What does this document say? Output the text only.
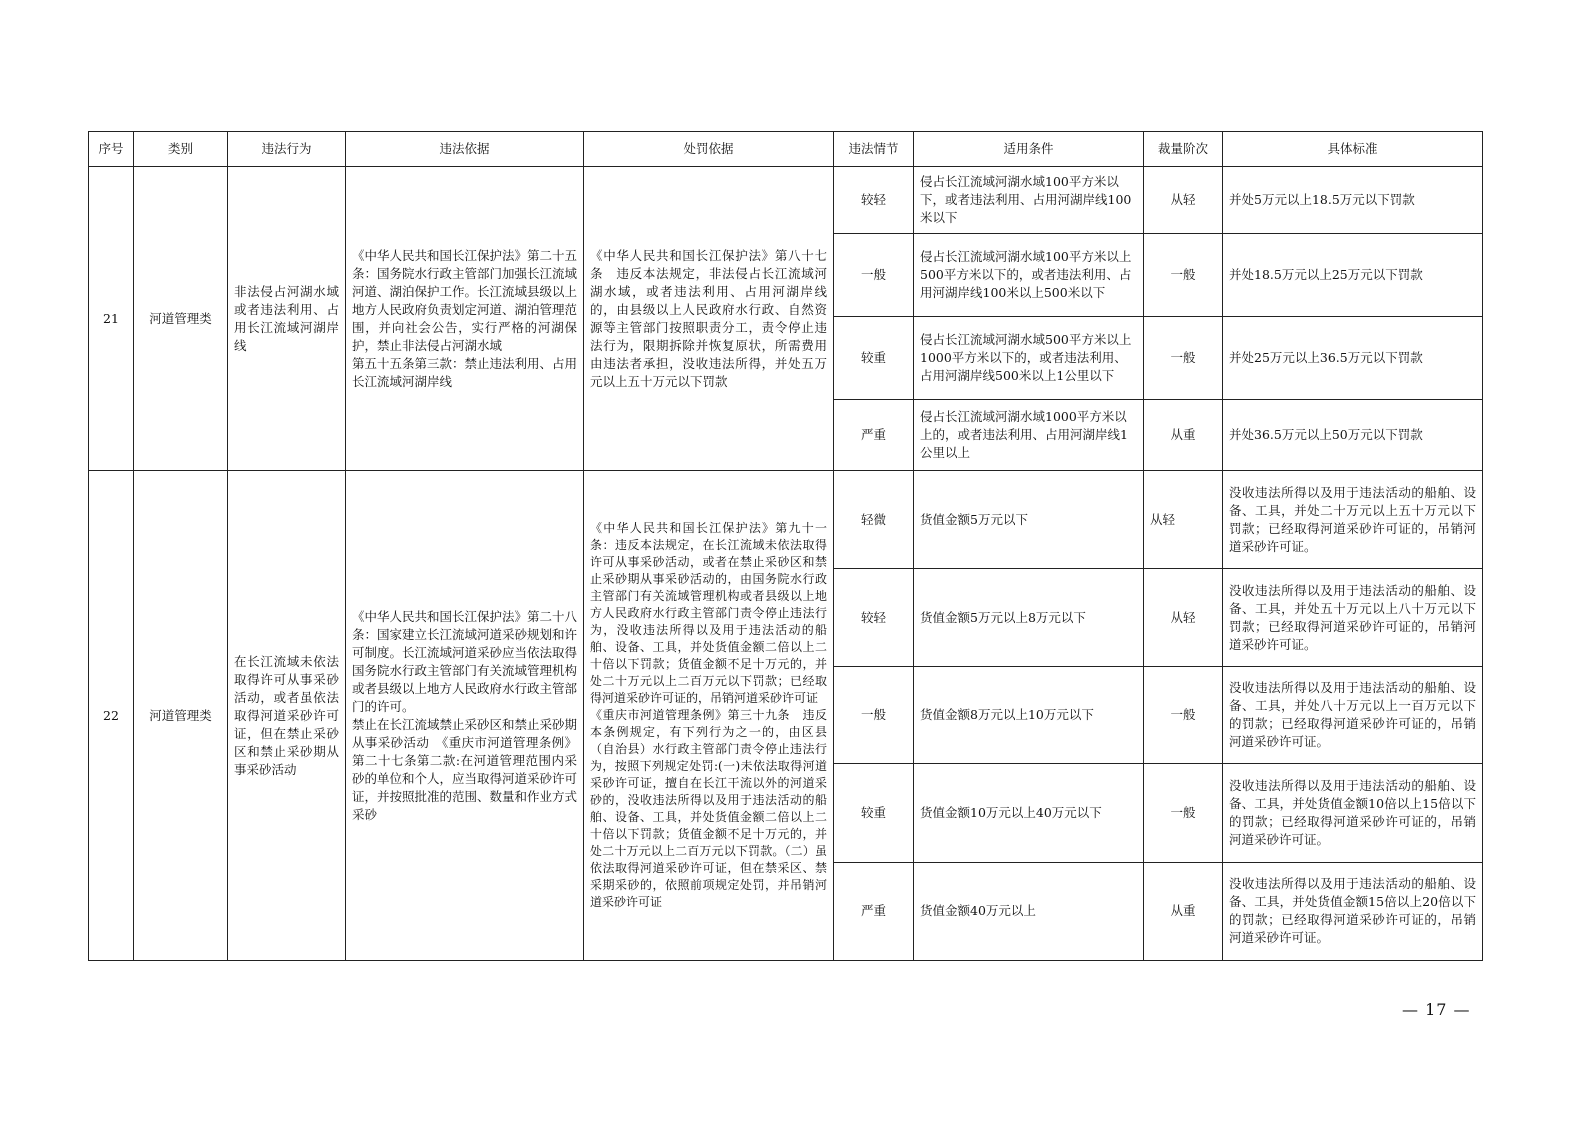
序号	类别	违法行为	违法依据	处罚依据	违法情节	适用条件	裁量阶次	具体标准
21	河道管理类	非法侵占河湖水域或者违法利用、占用长江流域河湖岸线	《中华人民共和国长江保护法》第二十五条：国务院水行政主管部门加强长江流域河道、湖泊保护工作。长江流域县级以上地方人民政府负责划定河道、湖泊管理范围，并向社会公告，实行严格的河湖保护，禁止非法侵占河湖水域
第五十五条第三款：禁止违法利用、占用长江流域河湖岸线	《中华人民共和国长江保护法》第八十七条　违反本法规定，非法侵占长江流域河湖水域，或者违法利用、占用河湖岸线的，由县级以上人民政府水行政、自然资源等主管部门按照职责分工，责令停止违法行为，限期拆除并恢复原状，所需费用由违法者承担，没收违法所得，并处五万元以上五十万元以下罚款	较轻	侵占长江流域河湖水域100平方米以下，或者违法利用、占用河湖岸线100米以下	从轻	并处5万元以上18.5万元以下罚款
					一般	侵占长江流域河湖水域100平方米以上500平方米以下的，或者违法利用、占用河湖岸线100米以上500米以下	一般	并处18.5万元以上25万元以下罚款
					较重	侵占长江流域河湖水域500平方米以上1000平方米以下的，或者违法利用、占用河湖岸线500米以上1公里以下	一般	并处25万元以上36.5万元以下罚款
					严重	侵占长江流域河湖水域1000平方米以上的，或者违法利用、占用河湖岸线1公里以上	从重	并处36.5万元以上50万元以下罚款
22	河道管理类	在长江流域未依法取得许可从事采砂活动，或者虽依法取得河道采砂许可证，但在禁止采砂区和禁止采砂期从事采砂活动	《中华人民共和国长江保护法》第二十八条：国家建立长江流域河道采砂规划和许可制度。长江流域河道采砂应当依法取得国务院水行政主管部门有关流域管理机构或者县级以上地方人民政府水行政主管部门的许可。
禁止在长江流域禁止采砂区和禁止采砂期从事采砂活动　《重庆市河道管理条例》第二十七条第二款:在河道管理范围内采砂的单位和个人，应当取得河道采砂许可证，并按照批准的范围、数量和作业方式采砂	《中华人民共和国长江保护法》第九十一条：违反本法规定，在长江流域未依法取得许可从事采砂活动，或者在禁止采砂区和禁止采砂期从事采砂活动的，由国务院水行政主管部门有关流域管理机构或者县级以上地方人民政府水行政主管部门责令停止违法行为，没收违法所得以及用于违法活动的船舶、设备、工具，并处货值金额二倍以上二十倍以下罚款；货值金额不足十万元的，并处二十万元以上二百万元以下罚款；已经取得河道采砂许可证的，吊销河道采砂许可证
《重庆市河道管理条例》第三十九条　违反本条例规定，有下列行为之一的，由区县（自治县）水行政主管部门责令停止违法行为，按照下列规定处罚:(一)未依法取得河道采砂许可证，擅自在长江干流以外的河道采砂的，没收违法所得以及用于违法活动的船舶、设备、工具，并处货值金额二倍以上二十倍以下罚款；货值金额不足十万元的，并处二十万元以上二百万元以下罚款。（二）虽依法取得河道采砂许可证，但在禁采区、禁采期采砂的，依照前项规定处罚，并吊销河道采砂许可证	轻微	货值金额5万元以下	从轻	没收违法所得以及用于违法活动的船舶、设备、工具，并处二十万元以上五十万元以下罚款；已经取得河道采砂许可证的，吊销河道采砂许可证。
					较轻	货值金额5万元以上8万元以下	从轻	没收违法所得以及用于违法活动的船舶、设备、工具，并处五十万元以上八十万元以下罚款；已经取得河道采砂许可证的，吊销河道采砂许可证。
					一般	货值金额8万元以上10万元以下	一般	没收违法所得以及用于违法活动的船舶、设备、工具，并处八十万元以上一百万元以下的罚款；已经取得河道采砂许可证的，吊销河道采砂许可证。
					较重	货值金额10万元以上40万元以下	一般	没收违法所得以及用于违法活动的船舶、设备、工具，并处货值金额10倍以上15倍以下的罚款；已经取得河道采砂许可证的，吊销河道采砂许可证。
					严重	货值金额40万元以上	从重	没收违法所得以及用于违法活动的船舶、设备、工具，并处货值金额15倍以上20倍以下的罚款；已经取得河道采砂许可证的，吊销河道采砂许可证。
— 17 —
